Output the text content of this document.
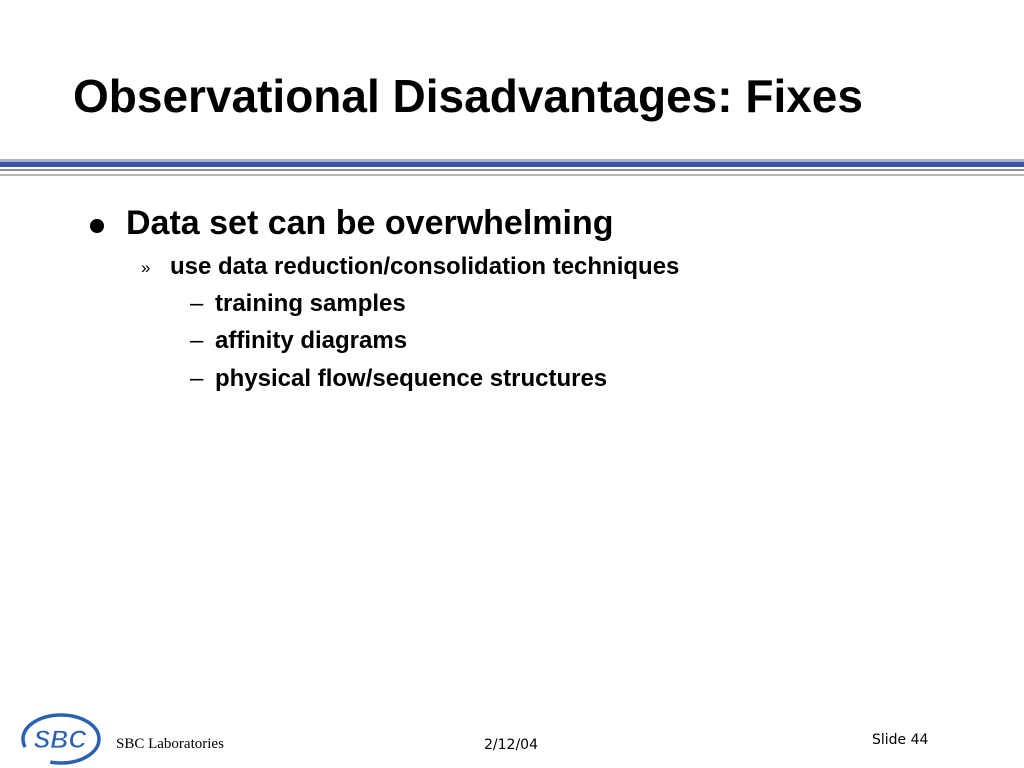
Observational Disadvantages: Fixes
Data set can be overwhelming
» use data reduction/consolidation techniques
– training samples
– affinity diagrams
– physical flow/sequence structures
SBC SBC Laboratories	2/12/04	Slide 44
